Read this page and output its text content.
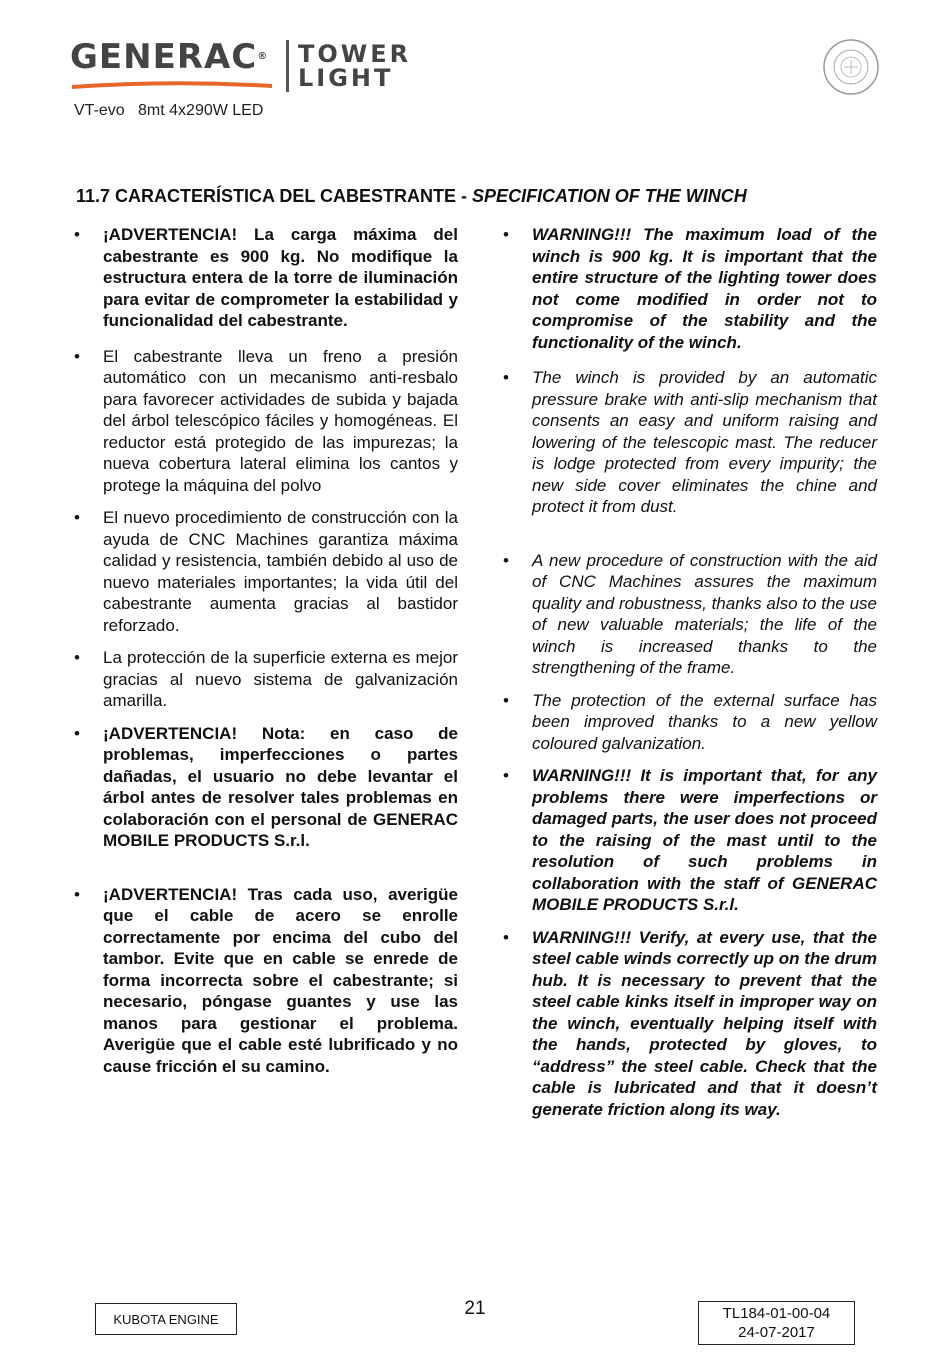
GENERAC® TOWER
LIGHT
VT-evo   8mt 4x290W LED
11.7 CARACTERÍSTICA DEL CABESTRANTE - SPECIFICATION OF THE WINCH
• ¡ADVERTENCIA! La carga máxima del cabestrante es 900 kg. No modifique la estructura entera de la torre de iluminación para evitar de comprometer la estabilidad y funcionalidad del cabestrante.
• El cabestrante lleva un freno a presión automático con un mecanismo anti-resbalo para favorecer actividades de subida y bajada del árbol telescópico fáciles y homogéneas. El reductor está protegido de las impurezas; la nueva cobertura lateral elimina los cantos y protege la máquina del polvo
• El nuevo procedimiento de construcción con la ayuda de CNC Machines garantiza máxima calidad y resistencia, también debido al uso de nuevo materiales importantes; la vida útil del cabestrante aumenta gracias al bastidor reforzado.
• La protección de la superficie externa es mejor gracias al nuevo sistema de galvanización amarilla.
• ¡ADVERTENCIA! Nota: en caso de problemas, imperfecciones o partes dañadas, el usuario no debe levantar el árbol antes de resolver tales problemas en colaboración con el personal de GENERAC MOBILE PRODUCTS S.r.l.
• ¡ADVERTENCIA! Tras cada uso, averigüe que el cable de acero se enrolle correctamente por encima del cubo del tambor. Evite que en cable se enrede de forma incorrecta sobre el cabestrante; si necesario, póngase guantes y use las manos para gestionar el problema. Averigüe que el cable esté lubrificado y no cause fricción el su camino.
• WARNING!!! The maximum load of the winch is 900 kg. It is important that the entire structure of the lighting tower does not come modified in order not to compromise of the stability and the functionality of the winch.
• The winch is provided by an automatic pressure brake with anti-slip mechanism that consents an easy and uniform raising and lowering of the telescopic mast. The reducer is lodge protected from every impurity; the new side cover eliminates the chine and protect it from dust.
• A new procedure of construction with the aid of CNC Machines assures the maximum quality and robustness, thanks also to the use of new valuable materials; the life of the winch is increased thanks to the strengthening of the frame.
• The protection of the external surface has been improved thanks to a new yellow coloured galvanization.
• WARNING!!! It is important that, for any problems there were imperfections or damaged parts, the user does not proceed to the raising of the mast until to the resolution of such problems in collaboration with the staff of GENERAC MOBILE PRODUCTS S.r.l.
• WARNING!!! Verify, at every use, that the steel cable winds correctly up on the drum hub. It is necessary to prevent that the steel cable kinks itself in improper way on the winch, eventually helping itself with the hands, protected by gloves, to “address” the steel cable. Check that the cable is lubricated and that it doesn’t generate friction along its way.
KUBOTA ENGINE	21	TL184-01-00-04
24-07-2017
